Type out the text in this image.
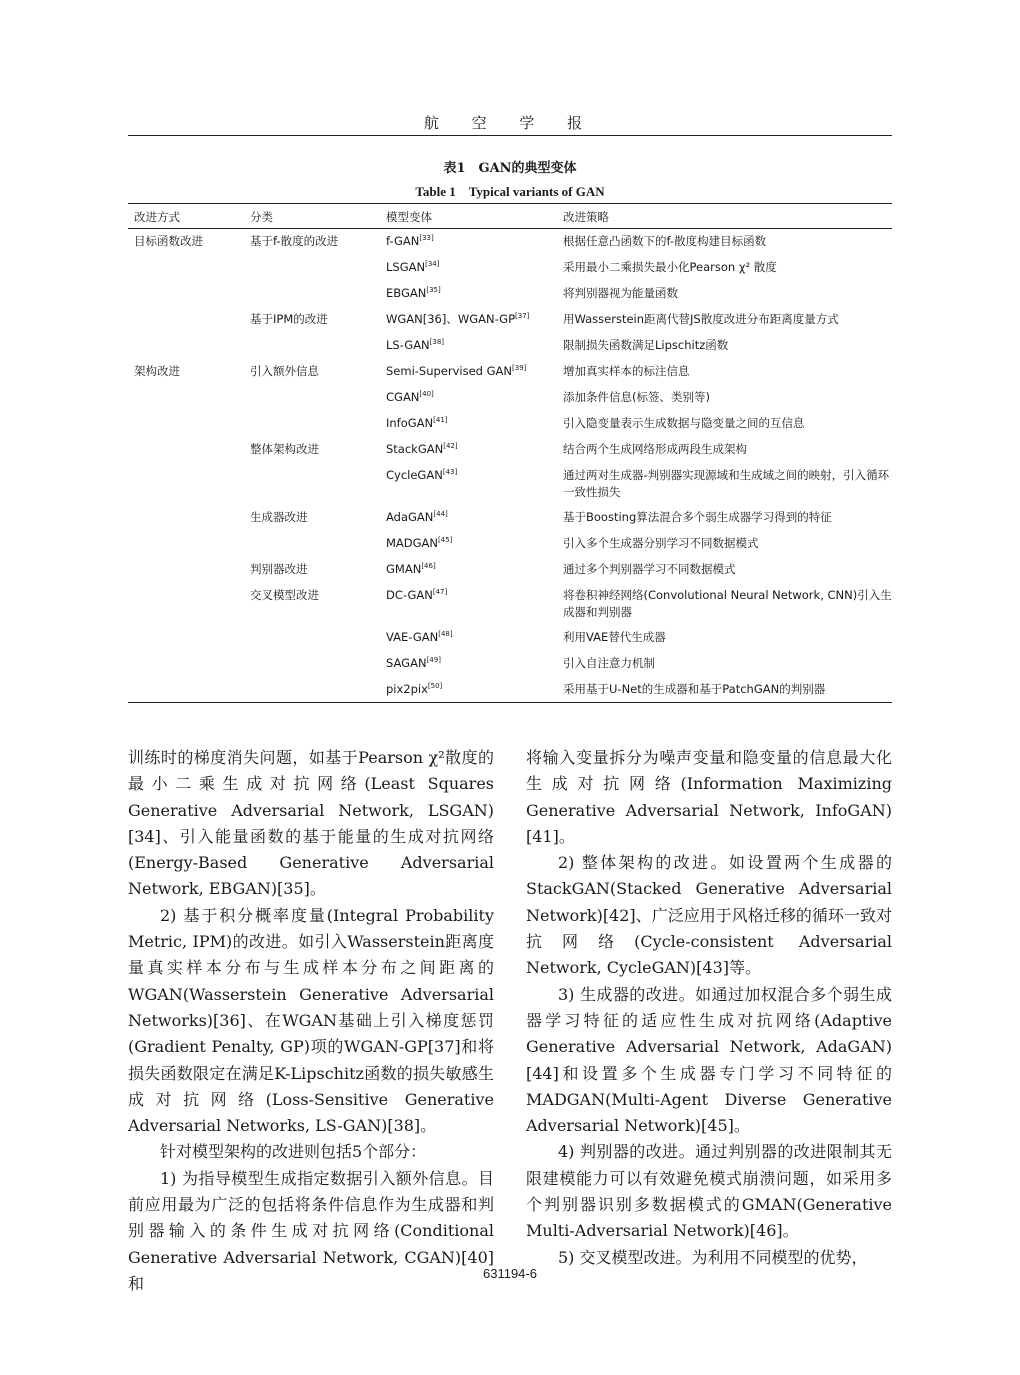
航 空 学 报
表1　GAN的典型变体
Table 1　Typical variants of GAN
改进方式	分类	模型变体	改进策略
目标函数改进	基于f-散度的改进	f-GAN[33]	根据任意凸函数下的f-散度构建目标函数
		LSGAN[34]	采用最小二乘损失最小化Pearson χ² 散度
		EBGAN[35]	将判别器视为能量函数
	基于IPM的改进	WGAN[36]、WGAN-GP[37]	用Wasserstein距离代替JS散度改进分布距离度量方式
		LS-GAN[38]	限制损失函数满足Lipschitz函数
架构改进	引入额外信息	Semi-Supervised GAN[39]	增加真实样本的标注信息
		CGAN[40]	添加条件信息(标签、类别等)
		InfoGAN[41]	引入隐变量表示生成数据与隐变量之间的互信息
	整体架构改进	StackGAN[42]	结合两个生成网络形成两段生成架构
		CycleGAN[43]	通过两对生成器-判别器实现源域和生成域之间的映射，引入循环一致性损失
	生成器改进	AdaGAN[44]	基于Boosting算法混合多个弱生成器学习得到的特征
		MADGAN[45]	引入多个生成器分别学习不同数据模式
	判别器改进	GMAN[46]	通过多个判别器学习不同数据模式
	交叉模型改进	DC-GAN[47]	将卷积神经网络(Convolutional Neural Network, CNN)引入生成器和判别器
		VAE-GAN[48]	利用VAE替代生成器
		SAGAN[49]	引入自注意力机制
		pix2pix[50]	采用基于U-Net的生成器和基于PatchGAN的判别器

训练时的梯度消失问题，如基于Pearson χ²散度的最小二乘生成对抗网络(Least Squares Generative Adversarial Network, LSGAN)[34]、引入能量函数的基于能量的生成对抗网络(Energy-Based Generative Adversarial Network, EBGAN)[35]。

2) 基于积分概率度量(Integral Probability Metric, IPM)的改进。如引入Wasserstein距离度量真实样本分布与生成样本分布之间距离的WGAN(Wasserstein Generative Adversarial Networks)[36]、在WGAN基础上引入梯度惩罚(Gradient Penalty, GP)项的WGAN-GP[37]和将损失函数限定在满足K-Lipschitz函数的损失敏感生成对抗网络(Loss-Sensitive Generative Adversarial Networks, LS-GAN)[38]。

针对模型架构的改进则包括5个部分：

1) 为指导模型生成指定数据引入额外信息。目前应用最为广泛的包括将条件信息作为生成器和判别器输入的条件生成对抗网络(Conditional Generative Adversarial Network, CGAN)[40]和

将输入变量拆分为噪声变量和隐变量的信息最大化生成对抗网络(Information Maximizing Generative Adversarial Network, InfoGAN)[41]。

2) 整体架构的改进。如设置两个生成器的StackGAN(Stacked Generative Adversarial Network)[42]、广泛应用于风格迁移的循环一致对抗网络(Cycle-consistent Adversarial Network, CycleGAN)[43]等。

3) 生成器的改进。如通过加权混合多个弱生成器学习特征的适应性生成对抗网络(Adaptive Generative Adversarial Network, AdaGAN)[44]和设置多个生成器专门学习不同特征的MADGAN(Multi-Agent Diverse Generative Adversarial Network)[45]。

4) 判别器的改进。通过判别器的改进限制其无限建模能力可以有效避免模式崩溃问题，如采用多个判别器识别多数据模式的GMAN(Generative Multi-Adversarial Network)[46]。

5) 交叉模型改进。为利用不同模型的优势，

631194-6
